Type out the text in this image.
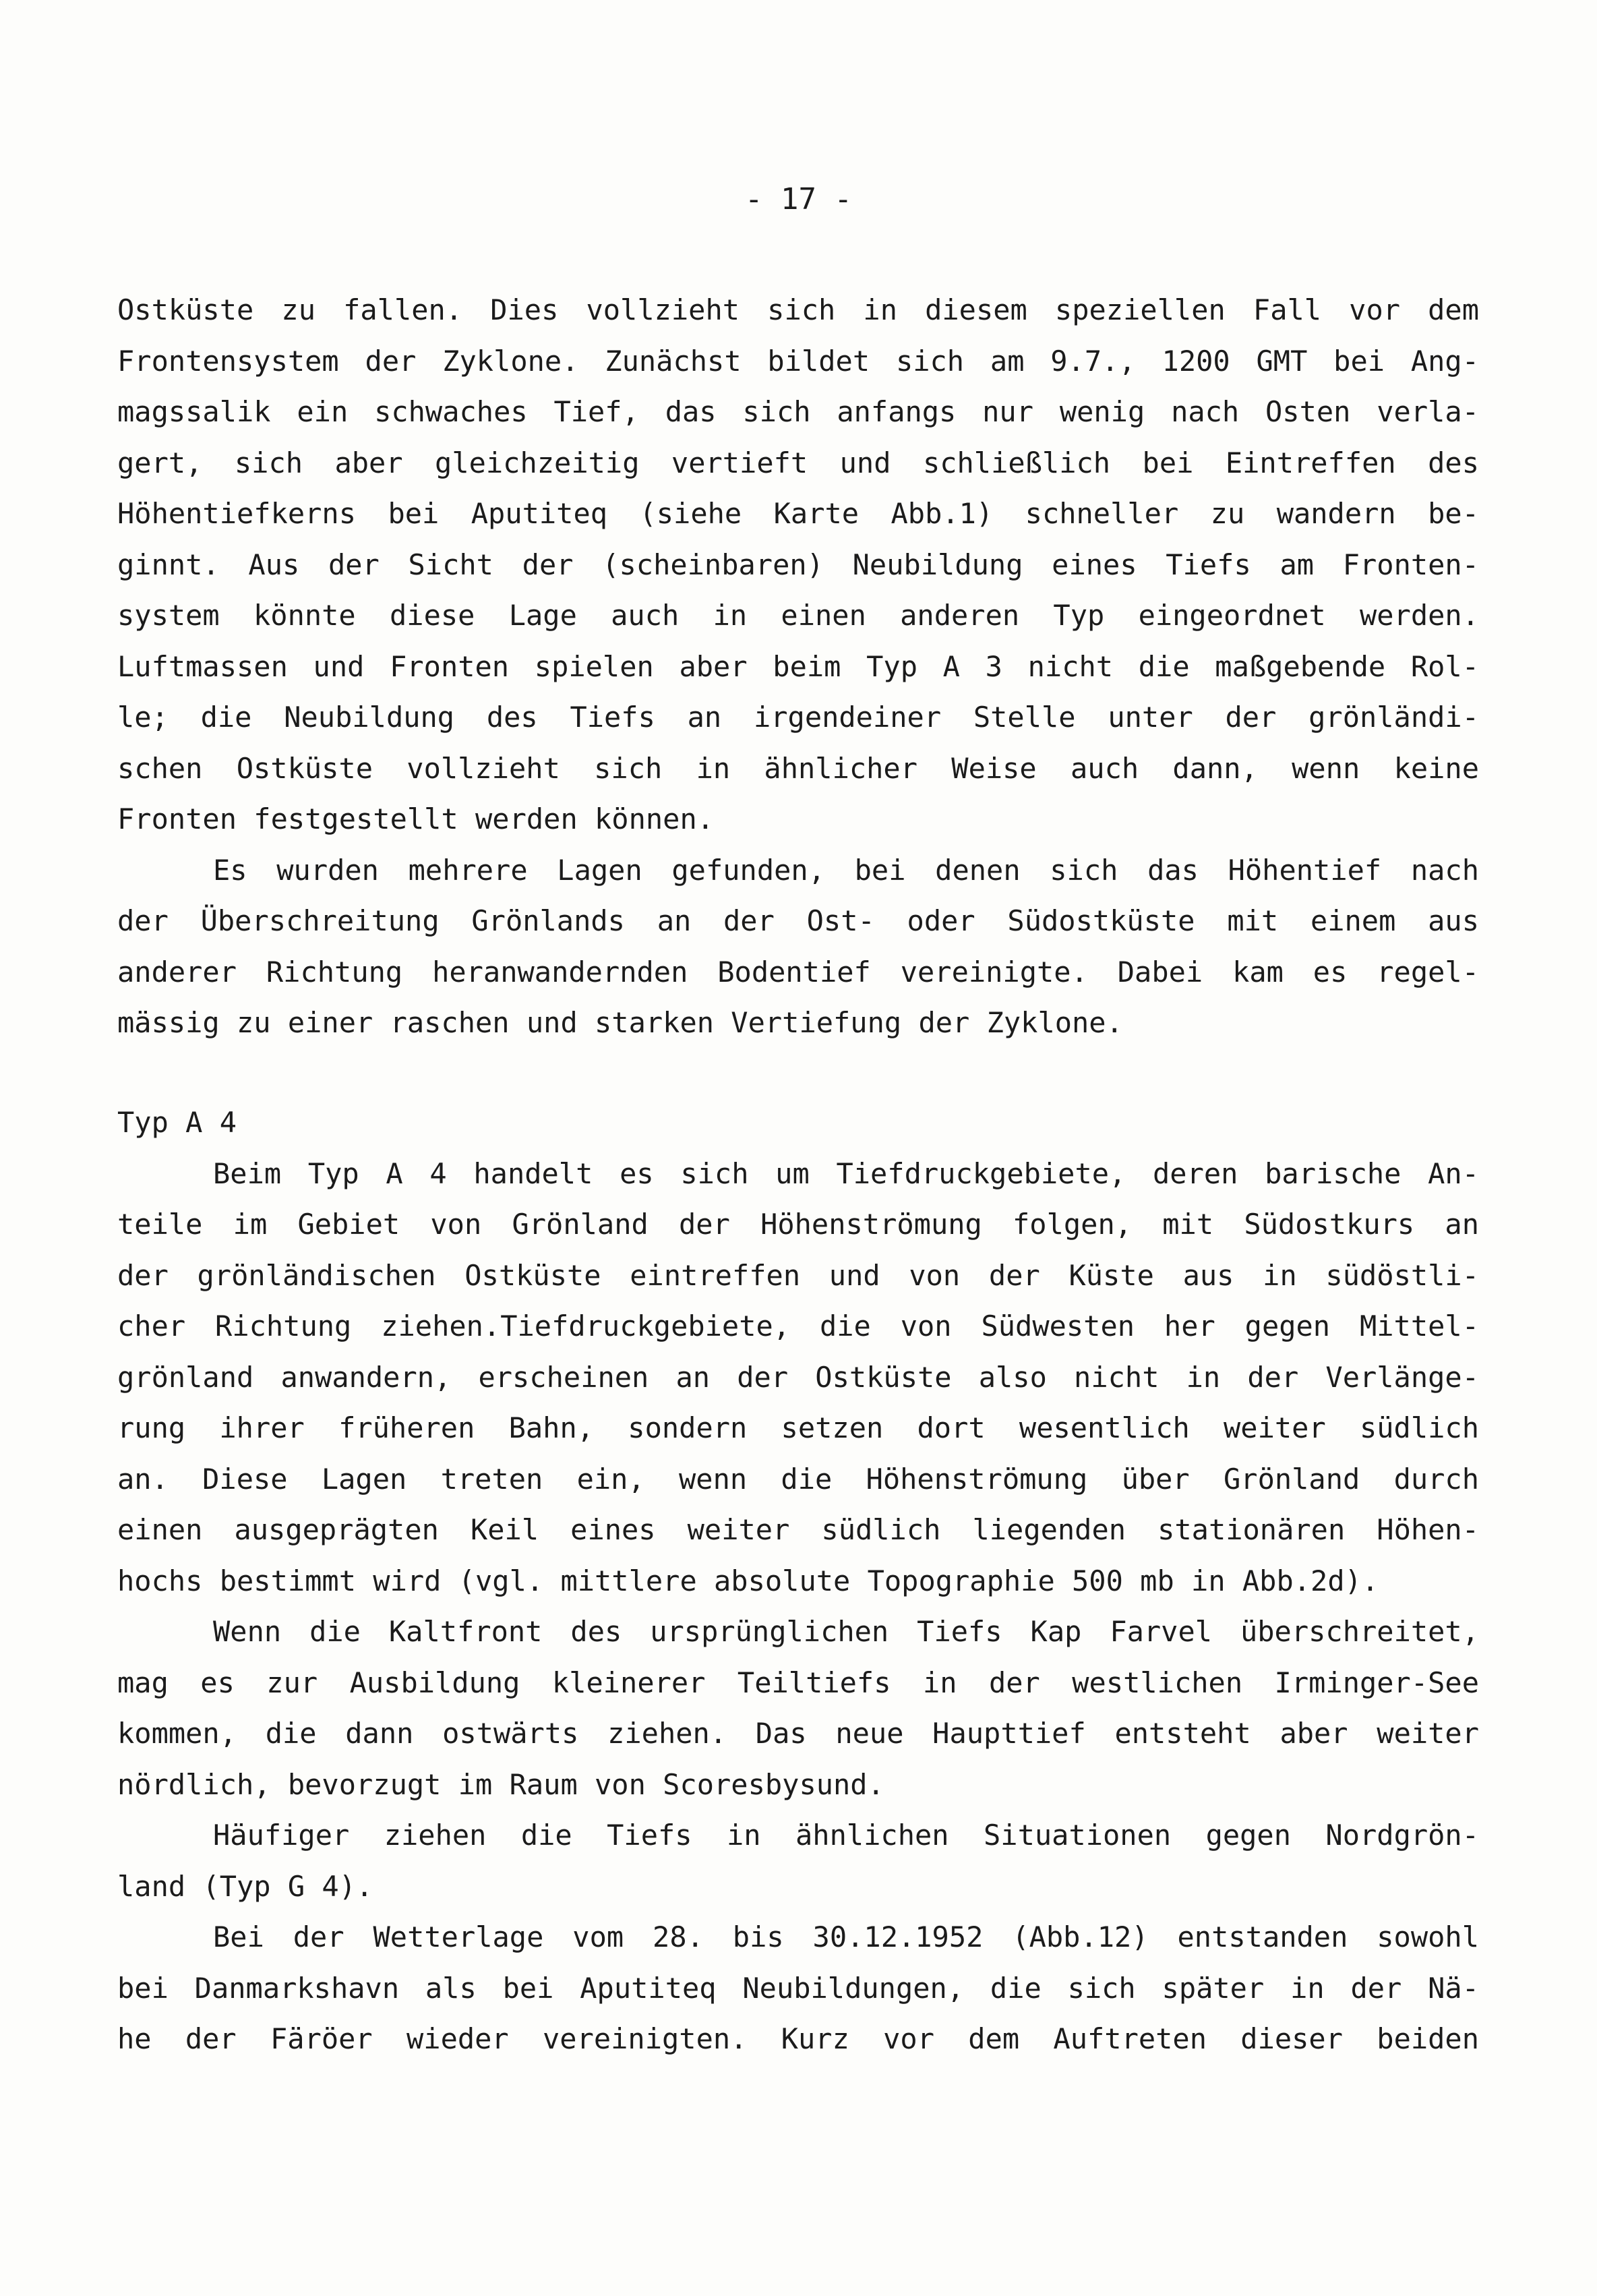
- 17 -
Ostküste zu fallen. Dies vollzieht sich in diesem speziellen Fall vor dem
Frontensystem der Zyklone. Zunächst bildet sich am 9.7., 1200 GMT bei Ang-
magssalik ein schwaches Tief, das sich anfangs nur wenig nach Osten verla-
gert, sich aber gleichzeitig vertieft und schließlich bei Eintreffen des
Höhentiefkerns bei Aputiteq (siehe Karte Abb.1) schneller zu wandern be-
ginnt. Aus der Sicht der (scheinbaren) Neubildung eines Tiefs am Fronten-
system könnte diese Lage auch in einen anderen Typ eingeordnet werden.
Luftmassen und Fronten spielen aber beim Typ A 3 nicht die maßgebende Rol-
le; die Neubildung des Tiefs an irgendeiner Stelle unter der grönländi-
schen Ostküste vollzieht sich in ähnlicher Weise auch dann, wenn keine
Fronten festgestellt werden können.
Es wurden mehrere Lagen gefunden, bei denen sich das Höhentief nach
der Überschreitung Grönlands an der Ost- oder Südostküste mit einem aus
anderer Richtung heranwandernden Bodentief vereinigte. Dabei kam es regel-
mässig zu einer raschen und starken Vertiefung der Zyklone.
Typ A 4
Beim Typ A 4 handelt es sich um Tiefdruckgebiete, deren barische An-
teile im Gebiet von Grönland der Höhenströmung folgen, mit Südostkurs an
der grönländischen Ostküste eintreffen und von der Küste aus in südöstli-
cher Richtung ziehen.Tiefdruckgebiete, die von Südwesten her gegen Mittel-
grönland anwandern, erscheinen an der Ostküste also nicht in der Verlänge-
rung ihrer früheren Bahn, sondern setzen dort wesentlich weiter südlich
an. Diese Lagen treten ein, wenn die Höhenströmung über Grönland durch
einen ausgeprägten Keil eines weiter südlich liegenden stationären Höhen-
hochs bestimmt wird (vgl. mittlere absolute Topographie 500 mb in Abb.2d).
Wenn die Kaltfront des ursprünglichen Tiefs Kap Farvel überschreitet,
mag es zur Ausbildung kleinerer Teiltiefs in der westlichen Irminger-See
kommen, die dann ostwärts ziehen. Das neue Haupttief entsteht aber weiter
nördlich, bevorzugt im Raum von Scoresbysund.
Häufiger ziehen die Tiefs in ähnlichen Situationen gegen Nordgrön-
land (Typ G 4).
Bei der Wetterlage vom 28. bis 30.12.1952 (Abb.12) entstanden sowohl
bei Danmarkshavn als bei Aputiteq Neubildungen, die sich später in der Nä-
he der Färöer wieder vereinigten. Kurz vor dem Auftreten dieser beiden
